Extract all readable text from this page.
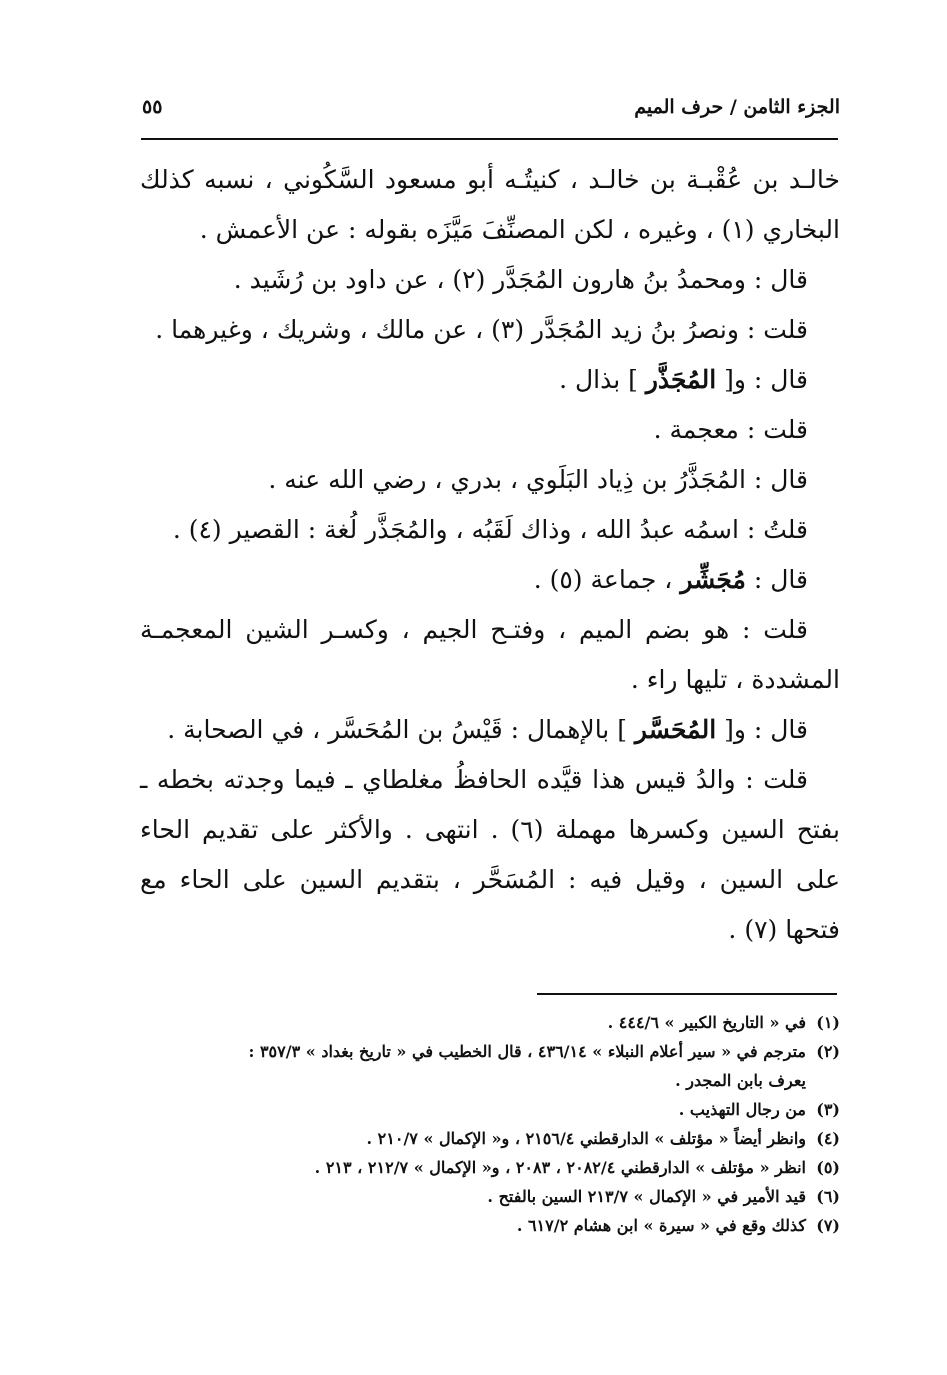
الجزء الثامن / حرف الميم
٥٥

خالـد بن عُقْبـة بن خالـد ، كنيتُـه أبو مسعود السَّكُوني ، نسبه كذلك البخاري (١) ، وغيره ، لكن المصنِّفَ مَيَّزَه بقوله : عن الأعمش .

قال : ومحمدُ بنُ هارون المُجَدَّر (٢) ، عن داود بن رُشَيد .

قلت : ونصرُ بنُ زيد المُجَدَّر (٣) ، عن مالك ، وشريك ، وغيرهما .

قال : و[ المُجَذَّر ] بذال .

قلت : معجمة .

قال : المُجَذَّرُ بن ذِياد البَلَوي ، بدري ، رضي الله عنه .

قلتُ : اسمُه عبدُ الله ، وذاك لَقَبُه ، والمُجَذَّر لُغة : القصير (٤) .

قال : مُجَشِّر ، جماعة (٥) .

قلت : هو بضم الميم ، وفتـح الجيم ، وكسـر الشين المعجمـة المشددة ، تليها راء .

قال : و[ المُحَسَّر ] بالإهمال : قَيْسُ بن المُحَسَّر ، في الصحابة .

قلت : والدُ قيس هذا قيَّده الحافظُ مغلطاي ـ فيما وجدته بخطه ـ بفتح السين وكسرها مهملة (٦) . انتهى . والأكثر على تقديم الحاء على السين ، وقيل فيه : المُسَحَّر ، بتقديم السين على الحاء مع فتحها (٧) .

(١)في « التاريخ الكبير » ٤٤٤/٦ .

(٢)مترجم في « سير أعلام النبلاء » ٤٣٦/١٤ ، قال الخطيب في « تاريخ بغداد » ٣٥٧/٣ :

يعرف بابن المجدر .

(٣)من رجال التهذيب .

(٤)وانظر أيضاً « مؤتلف » الدارقطني ٢١٥٦/٤ ، و« الإكمال » ٢١٠/٧ .

(٥)انظر « مؤتلف » الدارقطني ٢٠٨٢/٤ ، ٢٠٨٣ ، و« الإكمال » ٢١٢/٧ ، ٢١٣ .

(٦)قيد الأمير في « الإكمال » ٢١٣/٧ السين بالفتح .

(٧)كذلك وقع في « سيرة » ابن هشام ٦١٧/٢ .
